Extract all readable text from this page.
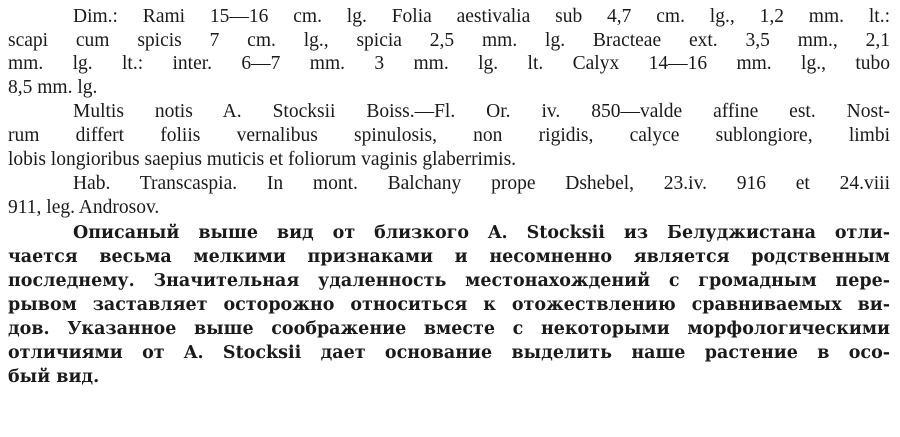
Dim.: Rami 15—16 cm. lg. Folia aestivalia sub 4,7 cm. lg., 1,2 mm. lt.:
scapi cum spicis 7 cm. lg., spicia 2,5 mm. lg. Bracteae ext. 3,5 mm., 2,1
mm. lg. lt.: inter. 6—7 mm. 3 mm. lg. lt. Calyx 14—16 mm. lg., tubo
8,5 mm. lg.
Multis notis A. Stocksii Boiss.—Fl. Or. iv. 850—valde affine est. Nost-
rum differt foliis vernalibus spinulosis, non rigidis, calyce sublongiore, limbi
lobis longioribus saepius muticis et foliorum vaginis glaberrimis.
Hab. Transcaspia. In mont. Balchany prope Dshebel, 23.iv. 916 et 24.viii
911, leg. Androsov.
Описаный выше вид от близкого A. Stocksii из Белуджистана отли-
чается весьма мелкими признаками и несомненно является родственным
последнему. Значительная удаленность местонахождений с громадным пере-
рывом заставляет осторожно относиться к отожествлению сравниваемых ви-
дов. Указанное выше соображение вместе с некоторыми морфологическими
отличиями от A. Stocksii дает основание выделить наше растение в осо-
бый вид.
